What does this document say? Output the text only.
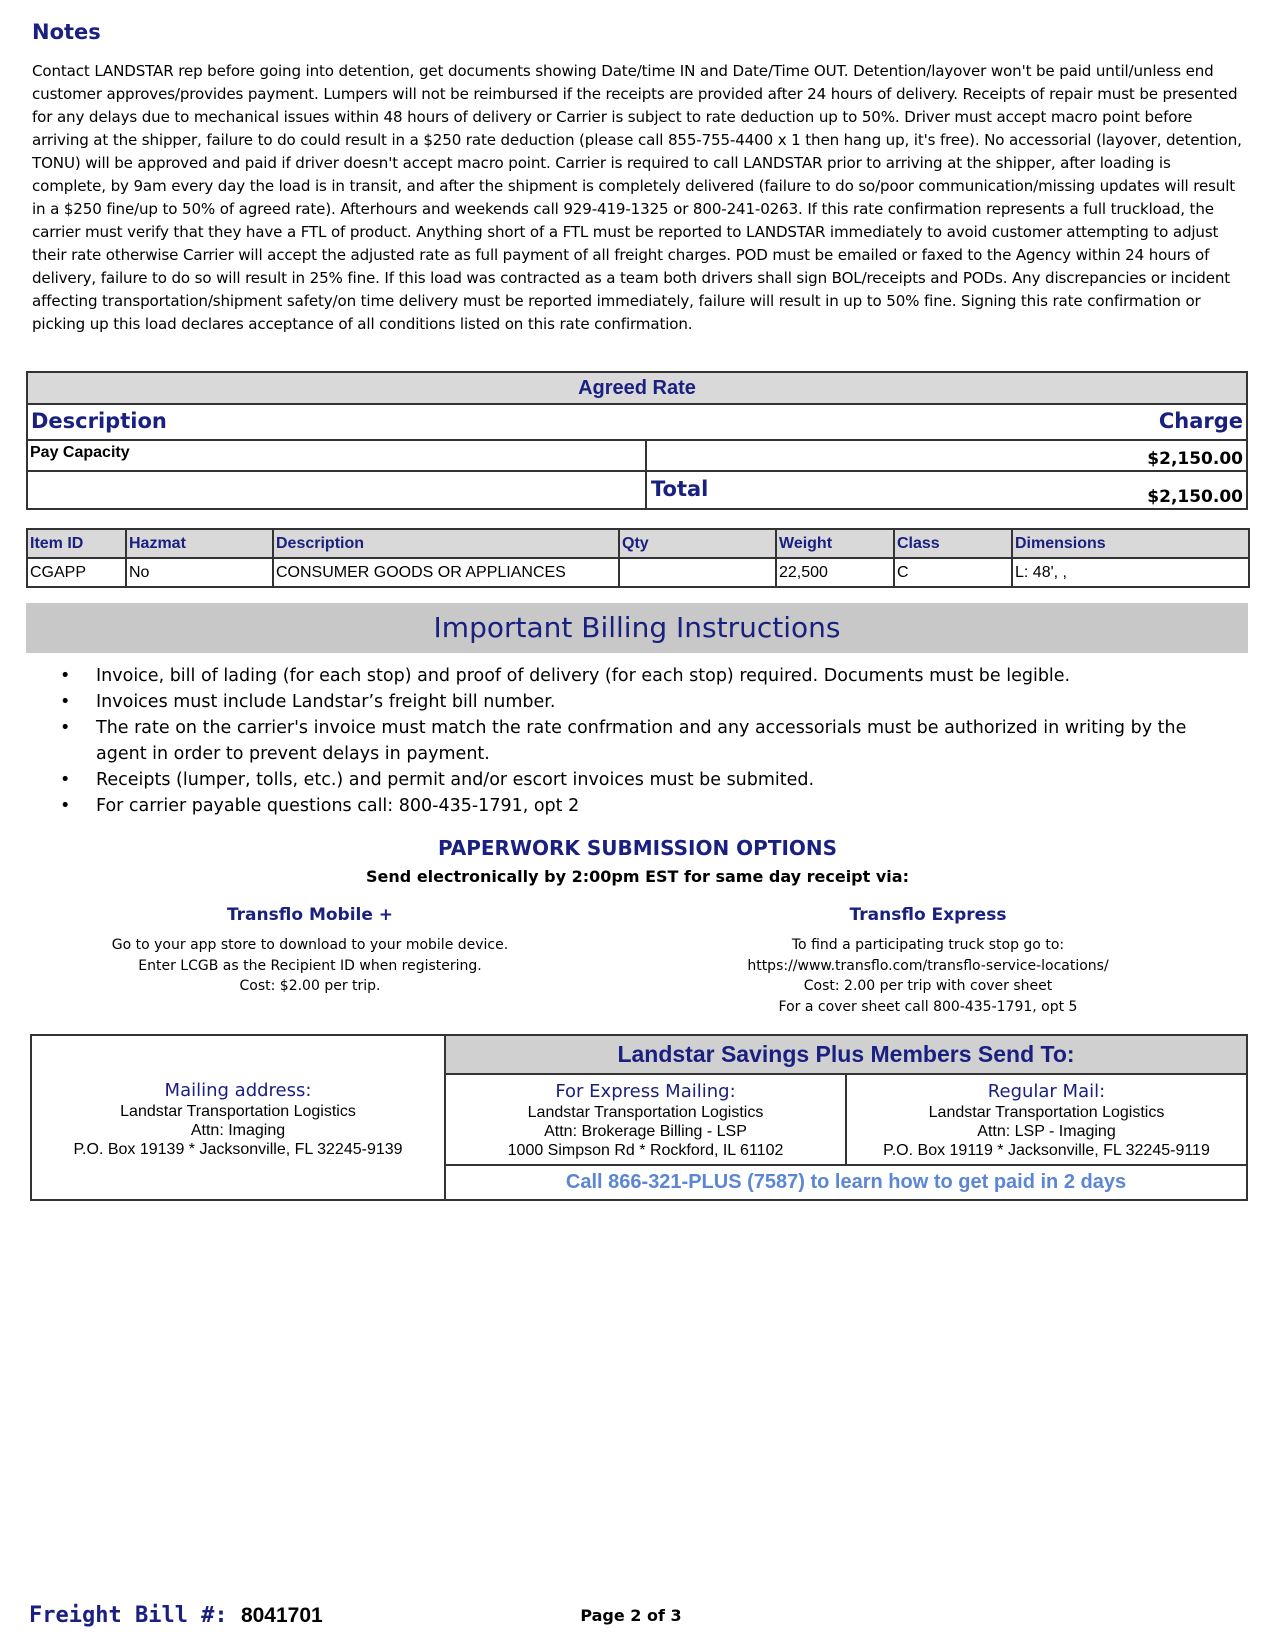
Notes
Contact LANDSTAR rep before going into detention, get documents showing Date/time IN and Date/Time OUT. Detention/layover won't be paid until/unless end customer approves/provides payment. Lumpers will not be reimbursed if the receipts are provided after 24 hours of delivery. Receipts of repair must be presented for any delays due to mechanical issues within 48 hours of delivery or Carrier is subject to rate deduction up to 50%. Driver must accept macro point before arriving at the shipper, failure to do could result in a $250 rate deduction (please call 855-755-4400 x 1 then hang up, it's free). No accessorial (layover, detention, TONU) will be approved and paid if driver doesn't accept macro point. Carrier is required to call LANDSTAR prior to arriving at the shipper, after loading is complete, by 9am every day the load is in transit, and after the shipment is completely delivered (failure to do so/poor communication/missing updates will result in a $250 fine/up to 50% of agreed rate). Afterhours and weekends call 929-419-1325 or 800-241-0263. If this rate confirmation represents a full truckload, the carrier must verify that they have a FTL of product. Anything short of a FTL must be reported to LANDSTAR immediately to avoid customer attempting to adjust their rate otherwise Carrier will accept the adjusted rate as full payment of all freight charges. POD must be emailed or faxed to the Agency within 24 hours of delivery, failure to do so will result in 25% fine. If this load was contracted as a team both drivers shall sign BOL/receipts and PODs. Any discrepancies or incident affecting transportation/shipment safety/on time delivery must be reported immediately, failure will result in up to 50% fine. Signing this rate confirmation or picking up this load declares acceptance of all conditions listed on this rate confirmation.
Agreed Rate
Description	Charge
Pay Capacity	$2,150.00
Total	$2,150.00
Item ID	Hazmat	Description	Qty	Weight	Class	Dimensions
CGAPP	No	CONSUMER GOODS OR APPLIANCES		22,500	C	L: 48', ,
Important Billing Instructions
• Invoice, bill of lading (for each stop) and proof of delivery (for each stop) required. Documents must be legible.
• Invoices must include Landstar’s freight bill number.
• The rate on the carrier's invoice must match the rate confrmation and any accessorials must be authorized in writing by the agent in order to prevent delays in payment.
• Receipts (lumper, tolls, etc.) and permit and/or escort invoices must be submited.
• For carrier payable questions call: 800-435-1791, opt 2
PAPERWORK SUBMISSION OPTIONS
Send electronically by 2:00pm EST for same day receipt via:
Transflo Mobile +
Go to your app store to download to your mobile device.
Enter LCGB as the Recipient ID when registering.
Cost: $2.00 per trip.
Transflo Express
To find a participating truck stop go to:
https://www.transflo.com/transflo-service-locations/
Cost: 2.00 per trip with cover sheet
For a cover sheet call 800-435-1791, opt 5
Mailing address:
Landstar Transportation Logistics
Attn: Imaging
P.O. Box 19139 * Jacksonville, FL 32245-9139
Landstar Savings Plus Members Send To:
For Express Mailing:
Landstar Transportation Logistics
Attn: Brokerage Billing - LSP
1000 Simpson Rd * Rockford, IL 61102
Regular Mail:
Landstar Transportation Logistics
Attn: LSP - Imaging
P.O. Box 19119 * Jacksonville, FL 32245-9119
Call 866-321-PLUS (7587) to learn how to get paid in 2 days
Freight Bill #: 8041701	Page 2 of 3
